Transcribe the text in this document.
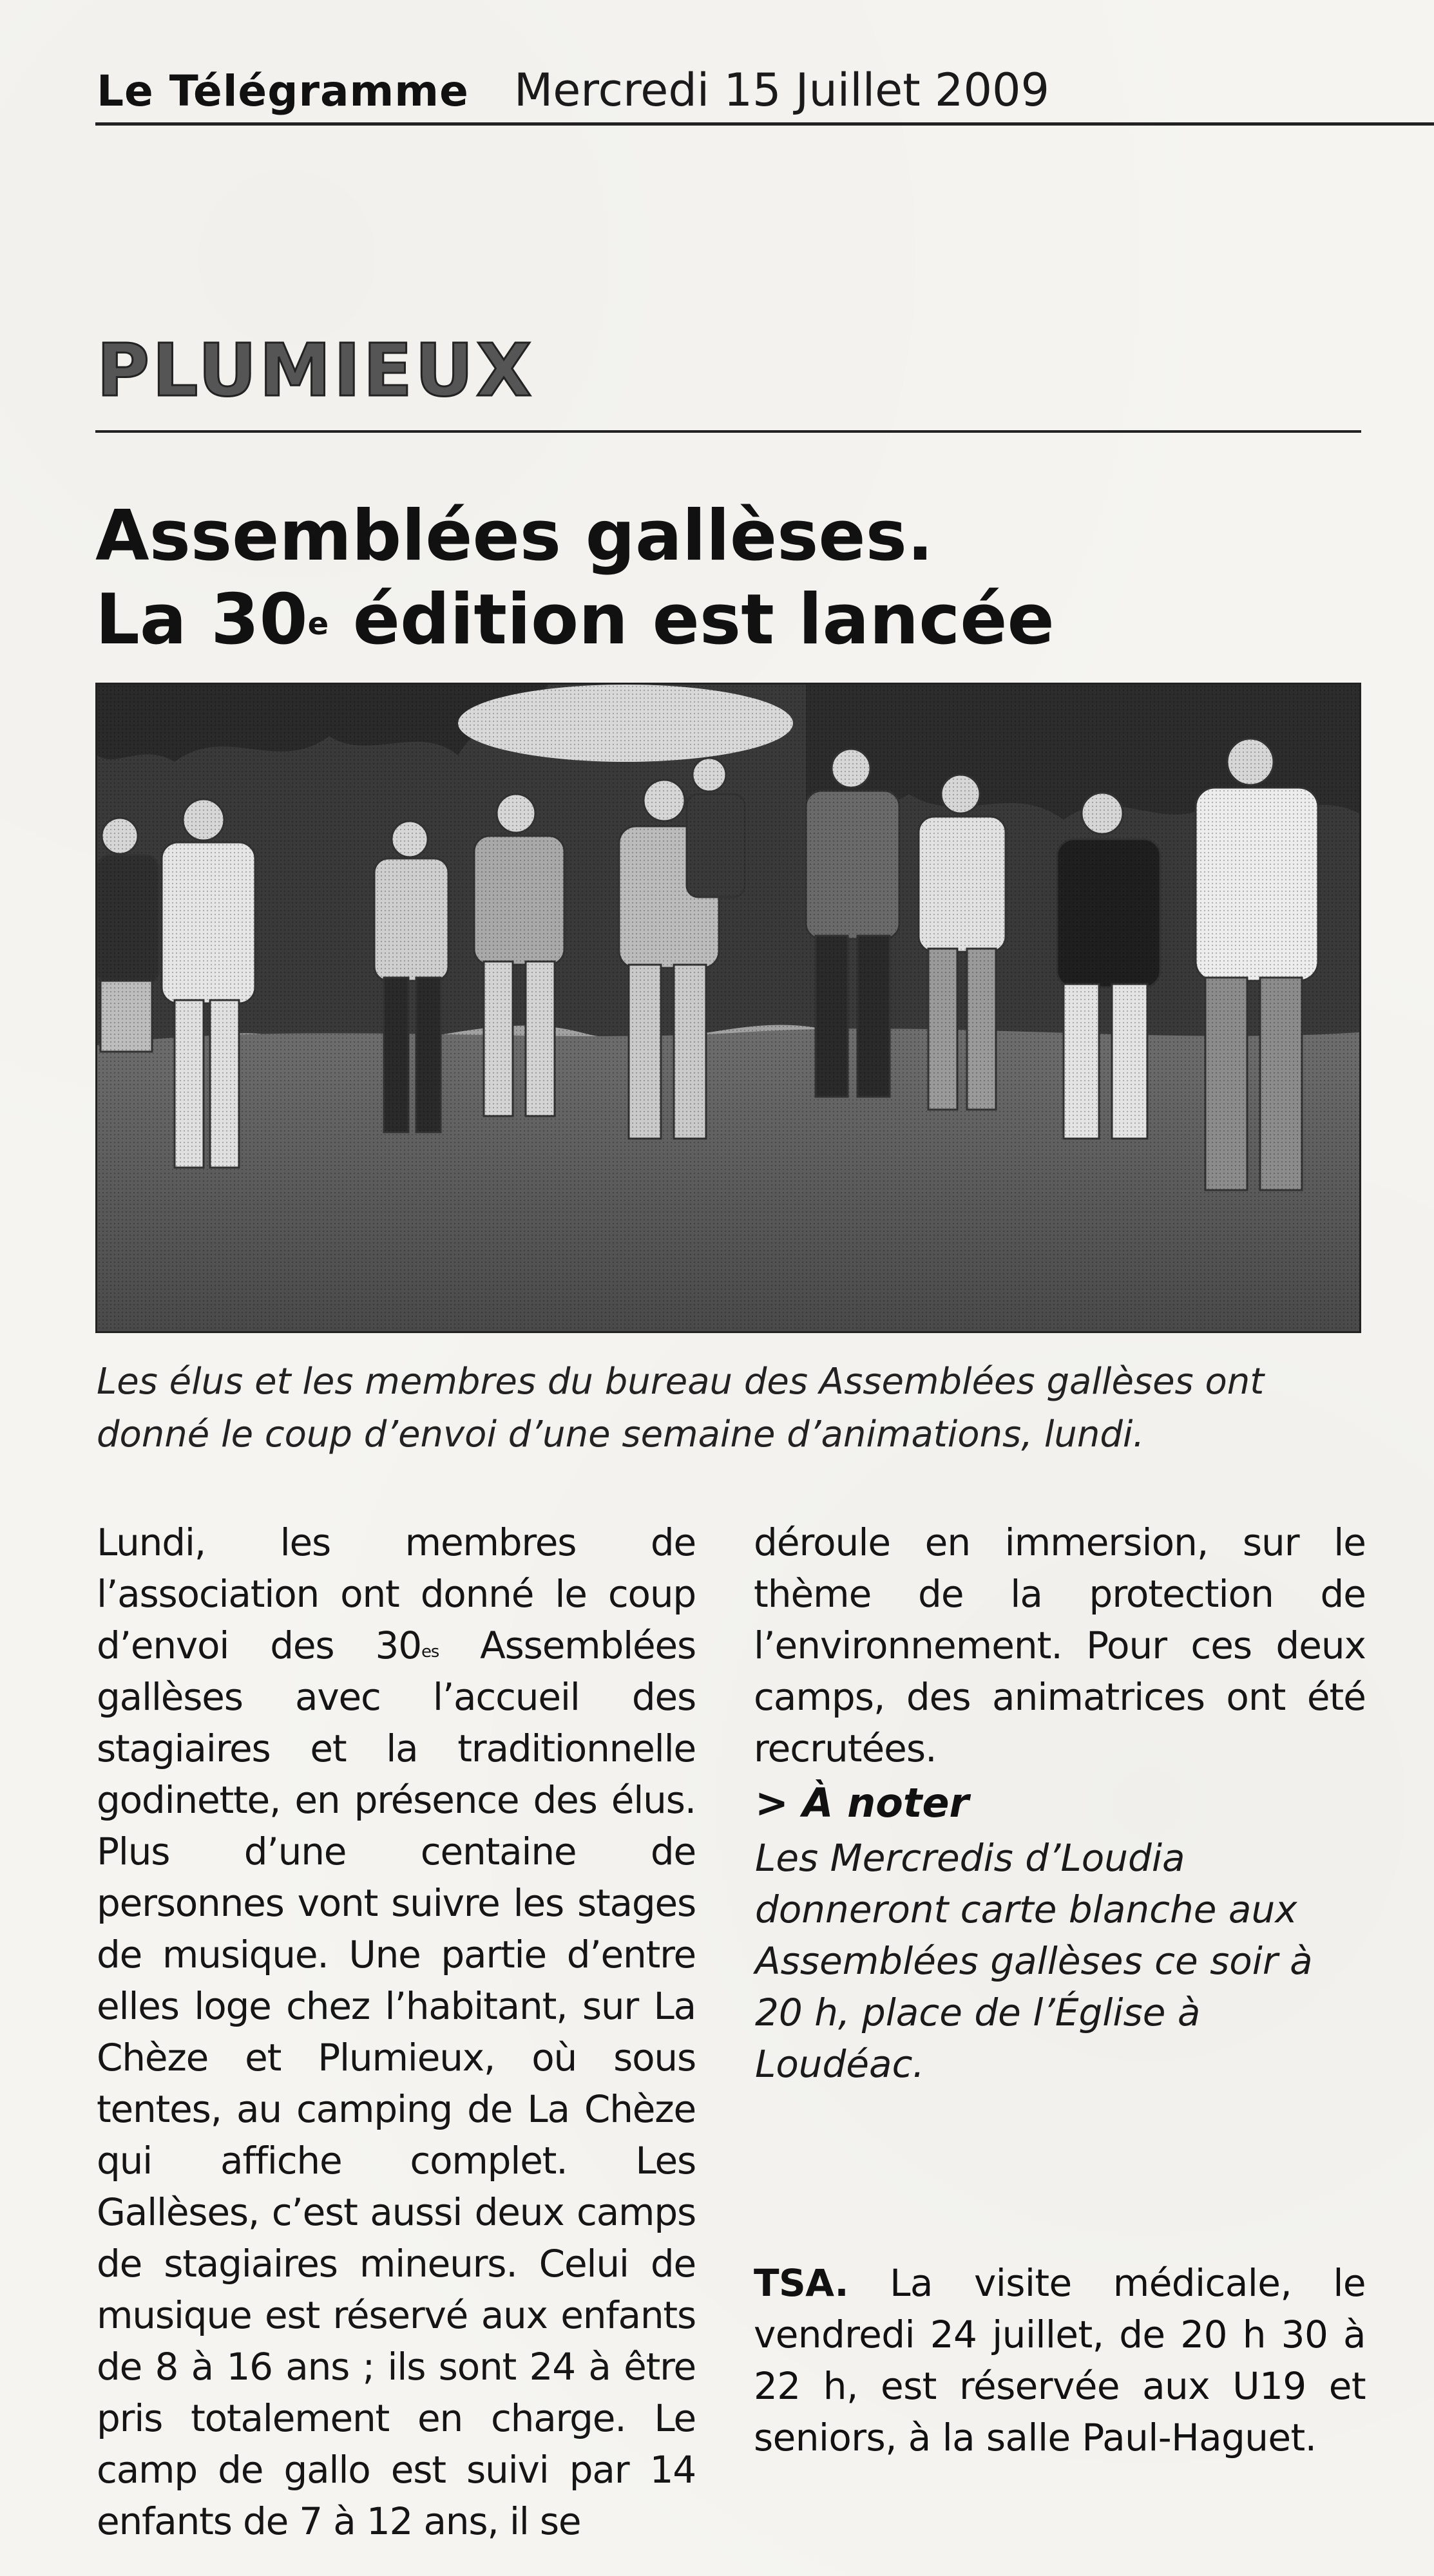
Le Télégramme Mercredi 15 Juillet 2009
PLUMIEUX
Assemblées gallèses.
La 30e édition est lancée
Les élus et les membres du bureau des Assemblées gallèses ont donné le coup d’envoi d’une semaine d’animations, lundi.
Lundi, les membres de l’association ont donné le coup d’envoi des $30^{es}$ Assemblées gallèses avec l’accueil des stagiaires et la traditionnelle godinette, en présence des élus. Plus d’une centaine de personnes vont suivre les stages de musique. Une partie d’entre elles loge chez l’habitant, sur La Chèze et Plumieux, où sous tentes, au camping de La Chèze qui affiche complet. Les Gallèses, c’est aussi deux camps de stagiaires mineurs. Celui de musique est réservé aux enfants de 8 à 16 ans ; ils sont 24 à être pris totalement en charge. Le camp de gallo est suivi par 14 enfants de 7 à 12 ans, il se
déroule en immersion, sur le thème de la protection de l’environnement. Pour ces deux camps, des animatrices ont été recrutées.
> À noter
Les Mercredis d’Loudia donneront carte blanche aux Assemblées gallèses ce soir à 20 h, place de l’Église à Loudéac.
TSA. La visite médicale, le vendredi 24 juillet, de 20 h 30 à 22 h, est réservée aux U19 et seniors, à la salle Paul-Haguet.
